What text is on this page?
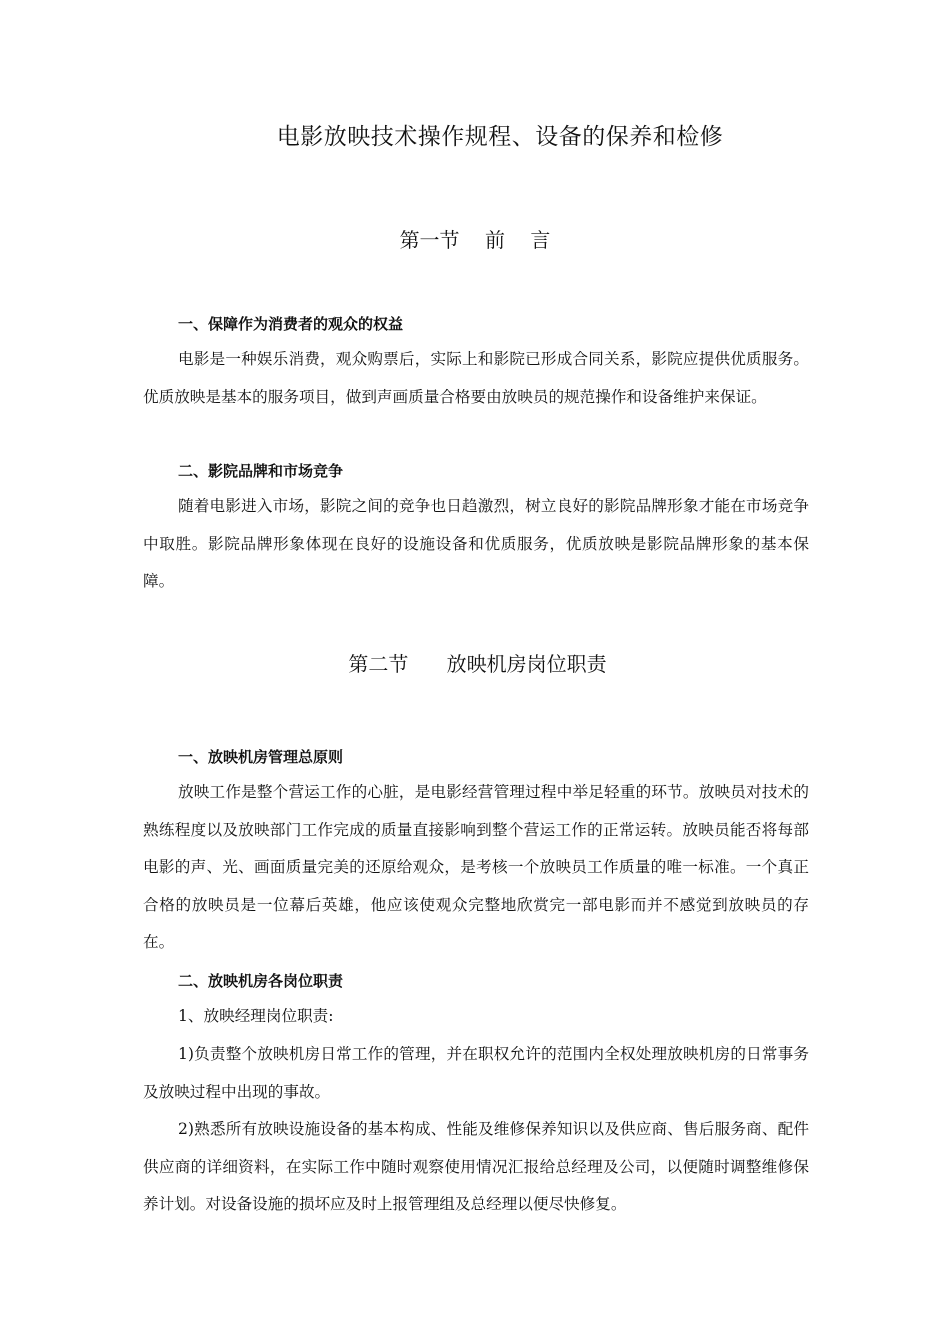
电影放映技术操作规程、设备的保养和检修
第一节    前    言
一、保障作为消费者的观众的权益

电影是一种娱乐消费，观众购票后，实际上和影院已形成合同关系，影院应提供优质服务。优质放映是基本的服务项目，做到声画质量合格要由放映员的规范操作和设备维护来保证。

二、影院品牌和市场竞争

随着电影进入市场，影院之间的竞争也日趋激烈，树立良好的影院品牌形象才能在市场竞争中取胜。影院品牌形象体现在良好的设施设备和优质服务，优质放映是影院品牌形象的基本保障。

第二节      放映机房岗位职责
一、放映机房管理总原则

放映工作是整个营运工作的心脏，是电影经营管理过程中举足轻重的环节。放映员对技术的熟练程度以及放映部门工作完成的质量直接影响到整个营运工作的正常运转。放映员能否将每部电影的声、光、画面质量完美的还原给观众，是考核一个放映员工作质量的唯一标准。一个真正合格的放映员是一位幕后英雄，他应该使观众完整地欣赏完一部电影而并不感觉到放映员的存在。

二、放映机房各岗位职责

1、放映经理岗位职责:

1)负责整个放映机房日常工作的管理，并在职权允许的范围内全权处理放映机房的日常事务及放映过程中出现的事故。

2)熟悉所有放映设施设备的基本构成、性能及维修保养知识以及供应商、售后服务商、配件供应商的详细资料，在实际工作中随时观察使用情况汇报给总经理及公司，以便随时调整维修保养计划。对设备设施的损坏应及时上报管理组及总经理以便尽快修复。
